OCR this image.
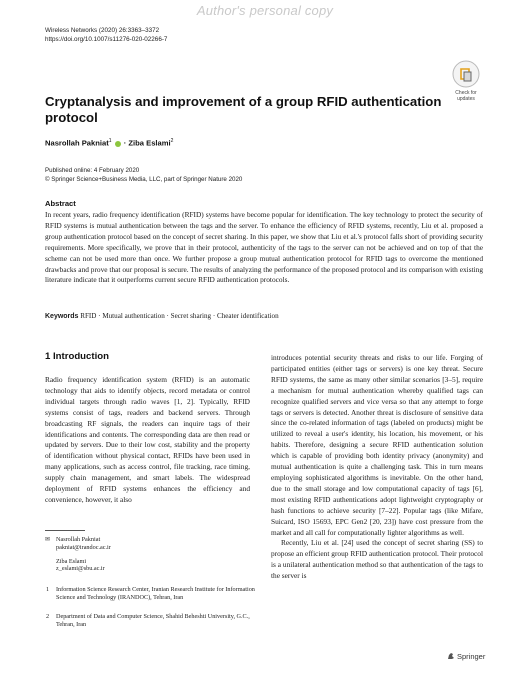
Author's personal copy
Wireless Networks (2020) 26:3363–3372
https://doi.org/10.1007/s11276-020-02266-7
Check for
updates
Cryptanalysis and improvement of a group RFID authentication protocol
Nasrollah Pakniat$^1$ · Ziba Eslami$^2$
Published online: 4 February 2020
© Springer Science+Business Media, LLC, part of Springer Nature 2020
Abstract
In recent years, radio frequency identification (RFID) systems have become popular for identification. The key technology to protect the security of RFID systems is mutual authentication between the tags and the server. To enhance the efficiency of RFID systems, recently, Liu et al. proposed a group authentication protocol based on the concept of secret sharing. In this paper, we show that Liu et al.'s protocol falls short of providing security requirements. More specifically, we prove that in their protocol, authenticity of the tags to the server can not be achieved and on top of that the scheme can not be used more than once. We further propose a group mutual authentication protocol for RFID tags to overcome the mentioned drawbacks and prove that our proposal is secure. The results of analyzing the performance of the proposed protocol and its comparison with existing literature indicate that it outperforms current secure RFID authentication protocols.
Keywords RFID · Mutual authentication · Secret sharing · Cheater identification
1 Introduction

Radio frequency identification system (RFID) is an automatic technology that aids to identify objects, record metadata or control individual targets through radio waves [1, 2]. Typically, RFID systems consist of tags, readers and backend servers. Through broadcasting RF signals, the readers can inquire tags of their identifications and contents. The corresponding data are then read or updated by servers. Due to their low cost, stability and the property of identification without physical contact, RFIDs have been used in many applications, such as access control, file tracking, race timing, supply chain management, and smart labels. The widespread deployment of RFID systems enhances the efficiency and convenience, however, it also

introduces potential security threats and risks to our life. Forging of participated entities (either tags or servers) is one key threat. Secure RFID systems, the same as many other similar scenarios [3–5], require a mechanism for mutual authentication whereby qualified tags can recognize qualified servers and vice versa so that any attempt to forge tags or servers is detected. Another threat is disclosure of sensitive data since the co-related information of tags (labeled on products) might be utilized to reveal a user's identity, his location, his movement, or his habits. Therefore, designing a secure RFID authentication solution which is capable of providing both identity privacy (anonymity) and mutual authentication is quite a challenging task. This in turn means employing sophisticated algorithms is inevitable. On the other hand, due to the small storage and low computational capacity of tags [6], most existing RFID authentications adopt lightweight cryptography or hash functions to achieve security [7–22]. Popular tags (like Mifare, Suicard, ISO 15693, EPC Gen2 [20, 23]) have cost pressure from the market and all call for computationally lighter algorithms as well.

Recently, Liu et al. [24] used the concept of secret sharing (SS) to propose an efficient group RFID authentication protocol. Their protocol is a unilateral authentication method so that authentication of the tags to the server is

✉ Nasrollah Pakniat
pakniat@irandoc.ac.ir
Ziba Eslami
z_eslami@sbu.ac.ir
1 Information Science Research Center, Iranian Research Institute for Information Science and Technology (IRANDOC), Tehran, Iran
2 Department of Data and Computer Science, Shahid Beheshti University, G.C., Tehran, Iran
Springer
